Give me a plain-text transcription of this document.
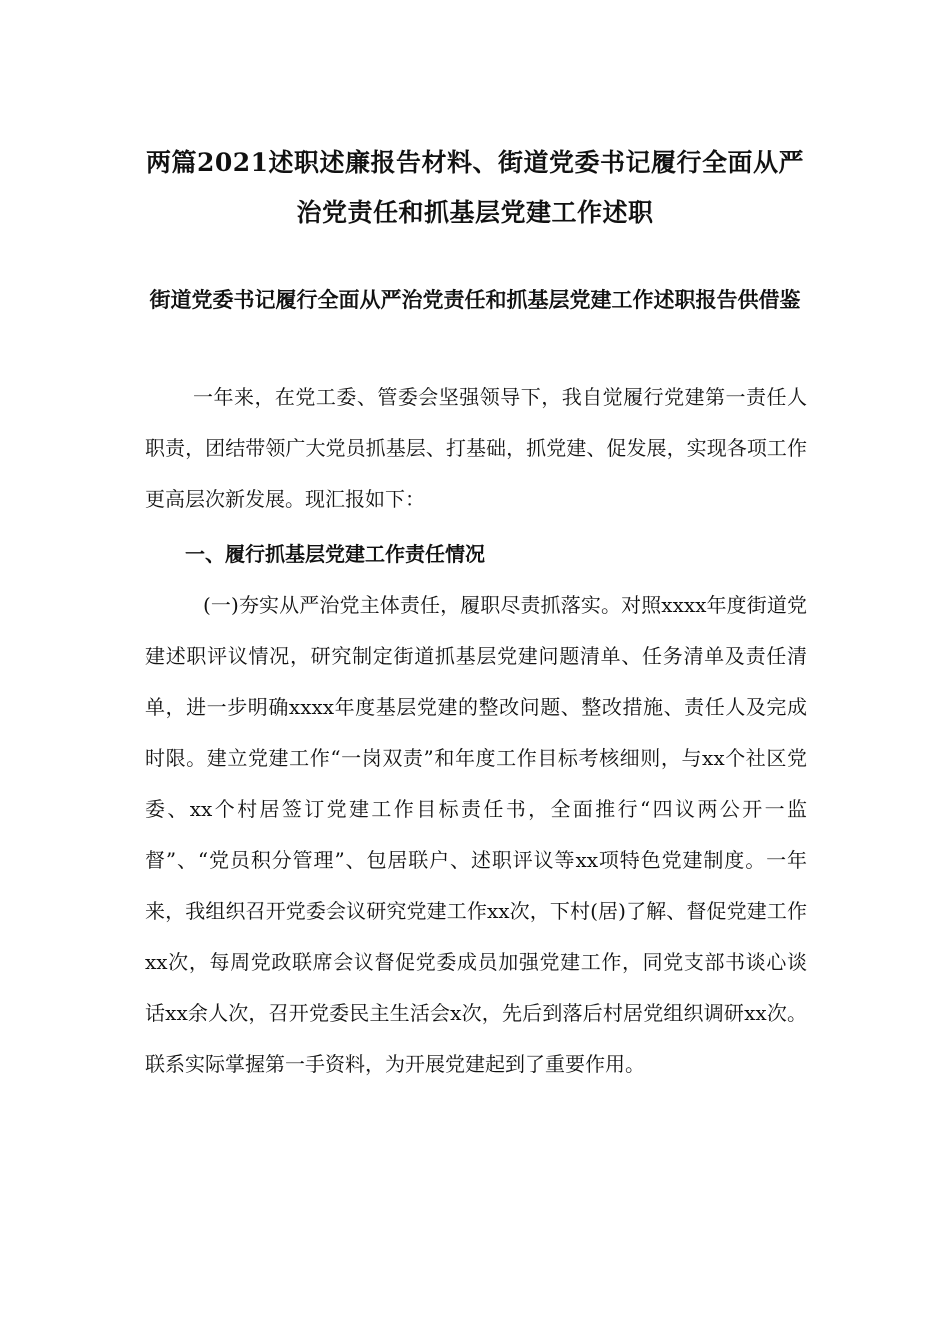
两篇2021述职述廉报告材料、街道党委书记履行全面从严治党责任和抓基层党建工作述职
街道党委书记履行全面从严治党责任和抓基层党建工作述职报告供借鉴

一年来，在党工委、管委会坚强领导下，我自觉履行党建第一责任人职责，团结带领广大党员抓基层、打基础，抓党建、促发展，实现各项工作更高层次新发展。现汇报如下：

一、履行抓基层党建工作责任情况

(一)夯实从严治党主体责任，履职尽责抓落实。对照xxxx年度街道党建述职评议情况，研究制定街道抓基层党建问题清单、任务清单及责任清单，进一步明确xxxx年度基层党建的整改问题、整改措施、责任人及完成时限。建立党建工作“一岗双责”和年度工作目标考核细则，与xx个社区党委、xx个村居签订党建工作目标责任书，全面推行“四议两公开一监督”、“党员积分管理”、包居联户、述职评议等xx项特色党建制度。一年来，我组织召开党委会议研究党建工作xx次，下村(居)了解、督促党建工作xx次，每周党政联席会议督促党委成员加强党建工作，同党支部书谈心谈话xx余人次，召开党委民主生活会x次，先后到落后村居党组织调研xx次。联系实际掌握第一手资料，为开展党建起到了重要作用。
